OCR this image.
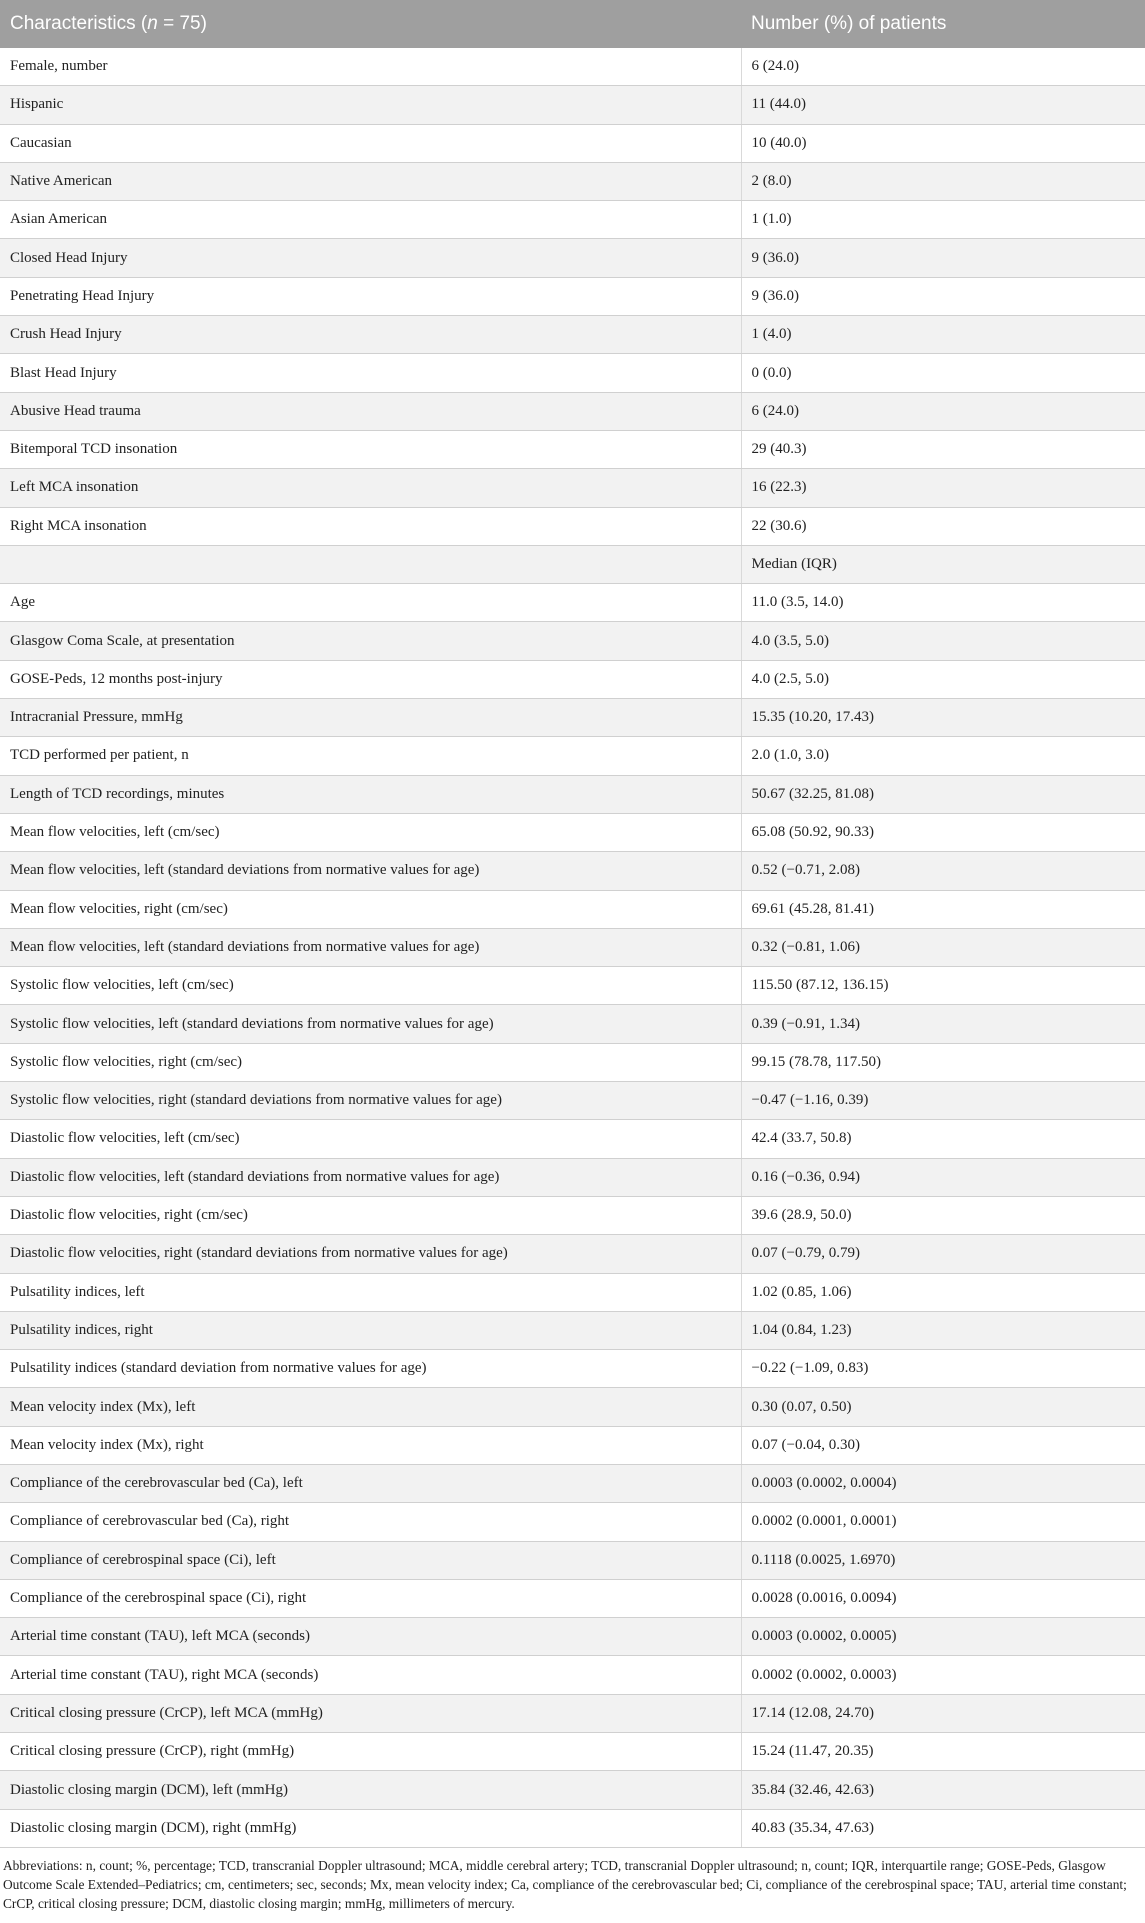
Characteristics (n = 75)	Number (%) of patients
Female, number	6 (24.0)
Hispanic	11 (44.0)
Caucasian	10 (40.0)
Native American	2 (8.0)
Asian American	1 (1.0)
Closed Head Injury	9 (36.0)
Penetrating Head Injury	9 (36.0)
Crush Head Injury	1 (4.0)
Blast Head Injury	0 (0.0)
Abusive Head trauma	6 (24.0)
Bitemporal TCD insonation	29 (40.3)
Left MCA insonation	16 (22.3)
Right MCA insonation	22 (30.6)
	Median (IQR)
Age	11.0 (3.5, 14.0)
Glasgow Coma Scale, at presentation	4.0 (3.5, 5.0)
GOSE-Peds, 12 months post-injury	4.0 (2.5, 5.0)
Intracranial Pressure, mmHg	15.35 (10.20, 17.43)
TCD performed per patient, n	2.0 (1.0, 3.0)
Length of TCD recordings, minutes	50.67 (32.25, 81.08)
Mean flow velocities, left (cm/sec)	65.08 (50.92, 90.33)
Mean flow velocities, left (standard deviations from normative values for age)	0.52 (−0.71, 2.08)
Mean flow velocities, right (cm/sec)	69.61 (45.28, 81.41)
Mean flow velocities, left (standard deviations from normative values for age)	0.32 (−0.81, 1.06)
Systolic flow velocities, left (cm/sec)	115.50 (87.12, 136.15)
Systolic flow velocities, left (standard deviations from normative values for age)	0.39 (−0.91, 1.34)
Systolic flow velocities, right (cm/sec)	99.15 (78.78, 117.50)
Systolic flow velocities, right (standard deviations from normative values for age)	−0.47 (−1.16, 0.39)
Diastolic flow velocities, left (cm/sec)	42.4 (33.7, 50.8)
Diastolic flow velocities, left (standard deviations from normative values for age)	0.16 (−0.36, 0.94)
Diastolic flow velocities, right (cm/sec)	39.6 (28.9, 50.0)
Diastolic flow velocities, right (standard deviations from normative values for age)	0.07 (−0.79, 0.79)
Pulsatility indices, left	1.02 (0.85, 1.06)
Pulsatility indices, right	1.04 (0.84, 1.23)
Pulsatility indices (standard deviation from normative values for age)	−0.22 (−1.09, 0.83)
Mean velocity index (Mx), left	0.30 (0.07, 0.50)
Mean velocity index (Mx), right	0.07 (−0.04, 0.30)
Compliance of the cerebrovascular bed (Ca), left	0.0003 (0.0002, 0.0004)
Compliance of cerebrovascular bed (Ca), right	0.0002 (0.0001, 0.0001)
Compliance of cerebrospinal space (Ci), left	0.1118 (0.0025, 1.6970)
Compliance of the cerebrospinal space (Ci), right	0.0028 (0.0016, 0.0094)
Arterial time constant (TAU), left MCA (seconds)	0.0003 (0.0002, 0.0005)
Arterial time constant (TAU), right MCA (seconds)	0.0002 (0.0002, 0.0003)
Critical closing pressure (CrCP), left MCA (mmHg)	17.14 (12.08, 24.70)
Critical closing pressure (CrCP), right (mmHg)	15.24 (11.47, 20.35)
Diastolic closing margin (DCM), left (mmHg)	35.84 (32.46, 42.63)
Diastolic closing margin (DCM), right (mmHg)	40.83 (35.34, 47.63)
Abbreviations: n, count; %, percentage; TCD, transcranial Doppler ultrasound; MCA, middle cerebral artery; TCD, transcranial Doppler ultrasound; n, count; IQR, interquartile range; GOSE-Peds, Glasgow Outcome Scale Extended–Pediatrics; cm, centimeters; sec, seconds; Mx, mean velocity index; Ca, compliance of the cerebrovascular bed; Ci, compliance of the cerebrospinal space; TAU, arterial time constant; CrCP, critical closing pressure; DCM, diastolic closing margin; mmHg, millimeters of mercury.
